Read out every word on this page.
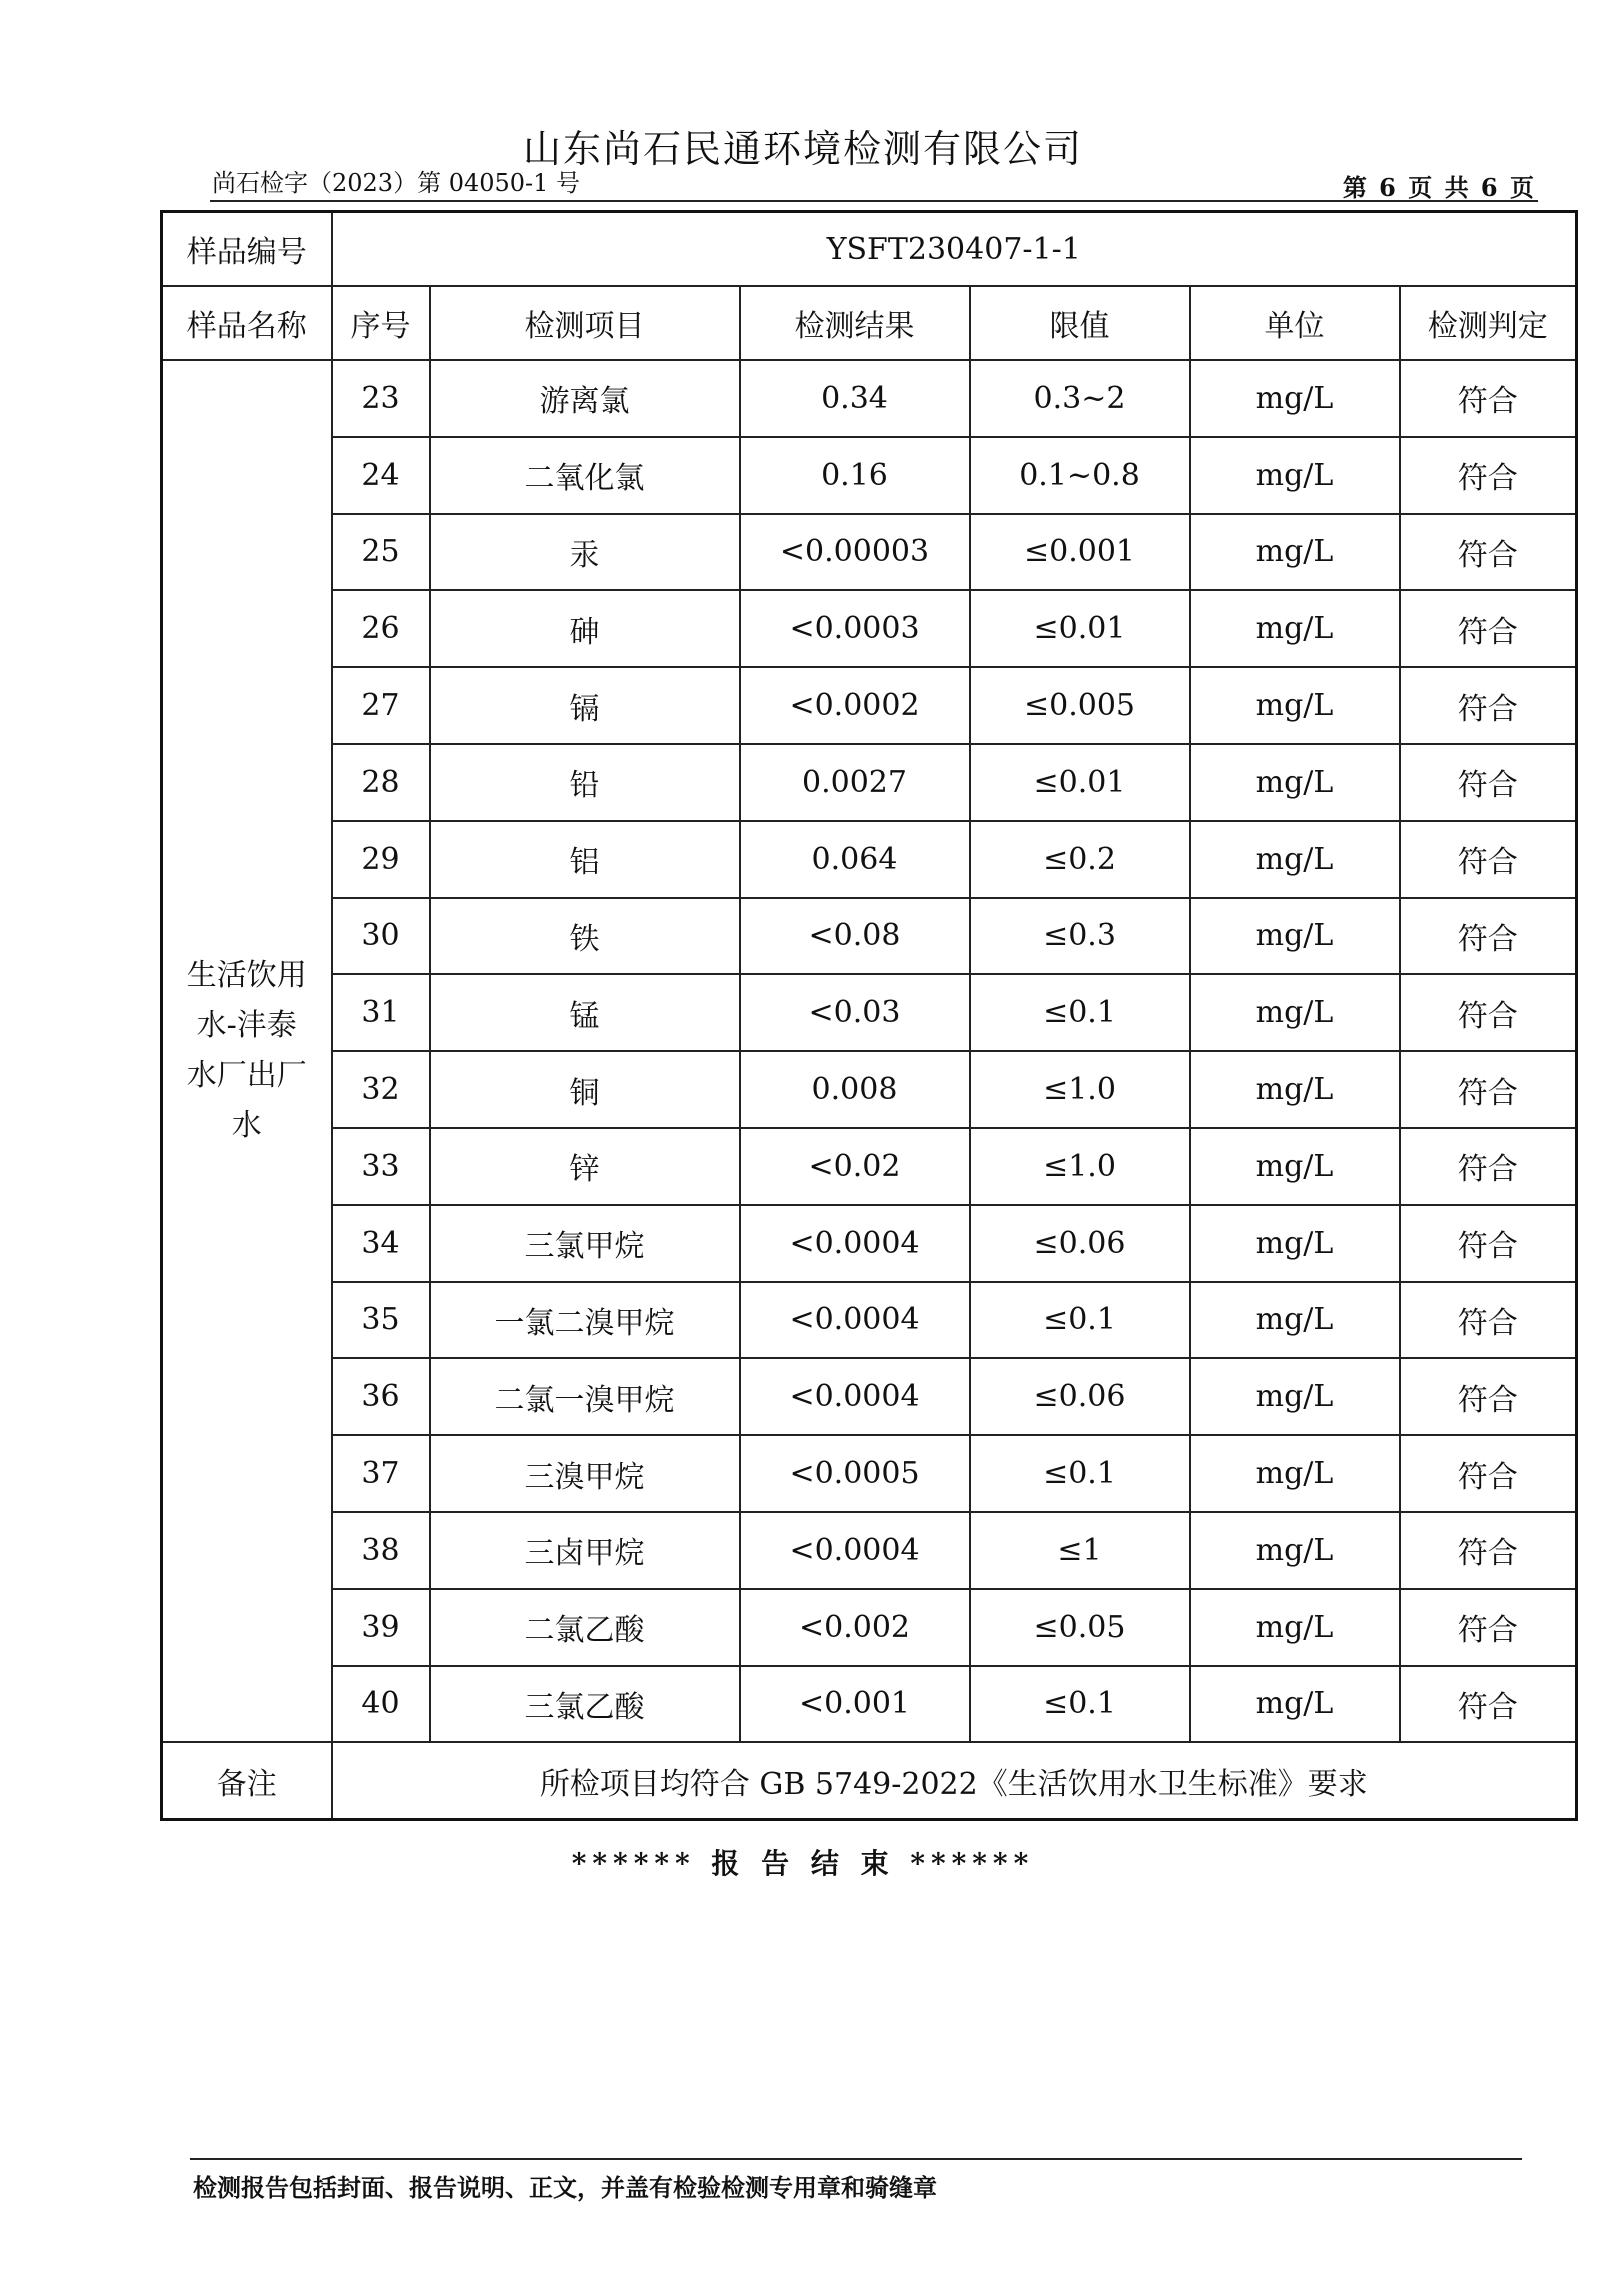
山东尚石民通环境检测有限公司
尚石检字（2023）第 04050-1 号	第 6 页 共 6 页
样品编号	YSFT230407-1-1					
样品名称	序号	检测项目	检测结果	限值	单位	检测判定

生活饮用
水-沣泰
水厂出厂
水	23	游离氯	0.34	0.3~2	mg/L	符合
	24	二氧化氯	0.16	0.1~0.8	mg/L	符合
	25	汞	<0.00003	≤0.001	mg/L	符合
	26	砷	<0.0003	≤0.01	mg/L	符合
	27	镉	<0.0002	≤0.005	mg/L	符合
	28	铅	0.0027	≤0.01	mg/L	符合
	29	铝	0.064	≤0.2	mg/L	符合
	30	铁	<0.08	≤0.3	mg/L	符合
	31	锰	<0.03	≤0.1	mg/L	符合
	32	铜	0.008	≤1.0	mg/L	符合
	33	锌	<0.02	≤1.0	mg/L	符合
	34	三氯甲烷	<0.0004	≤0.06	mg/L	符合
	35	一氯二溴甲烷	<0.0004	≤0.1	mg/L	符合
	36	二氯一溴甲烷	<0.0004	≤0.06	mg/L	符合
	37	三溴甲烷	<0.0005	≤0.1	mg/L	符合
	38	三卤甲烷	<0.0004	≤1	mg/L	符合
	39	二氯乙酸	<0.002	≤0.05	mg/L	符合
	40	三氯乙酸	<0.001	≤0.1	mg/L	符合
备注	所检项目均符合 GB 5749-2022《生活饮用水卫生标准》要求					
****** 报 告 结 束 ******
检测报告包括封面、报告说明、正文，并盖有检验检测专用章和骑缝章
